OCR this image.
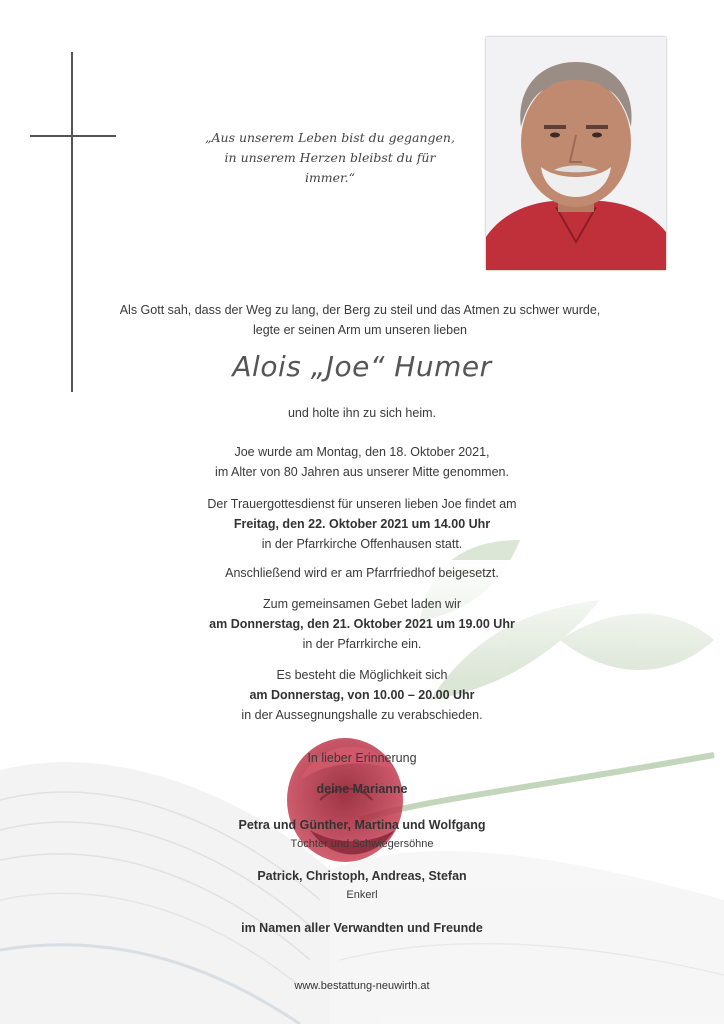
„Aus unserem Leben bist du gegangen,
in unserem Herzen bleibst du für
immer.“
Als Gott sah, dass der Weg zu lang, der Berg zu steil und das Atmen zu schwer wurde,
legte er seinen Arm um unseren lieben
Alois „Joe“ Humer
und holte ihn zu sich heim.
Joe wurde am Montag, den 18. Oktober 2021,
im Alter von 80 Jahren aus unserer Mitte genommen.
Der Trauergottesdienst für unseren lieben Joe findet am
Freitag, den 22. Oktober 2021 um 14.00 Uhr
in der Pfarrkirche Offenhausen statt.
Anschließend wird er am Pfarrfriedhof beigesetzt.
Zum gemeinsamen Gebet laden wir
am Donnerstag, den 21. Oktober 2021 um 19.00 Uhr
in der Pfarrkirche ein.
Es besteht die Möglichkeit sich
am Donnerstag, von 10.00 – 20.00 Uhr
in der Aussegnungshalle zu verabschieden.
In lieber Erinnerung
deine Marianne
Petra und Günther, Martina und Wolfgang
Töchter und Schwiegersöhne
Patrick, Christoph, Andreas, Stefan
Enkerl
im Namen aller Verwandten und Freunde
www.bestattung-neuwirth.at
